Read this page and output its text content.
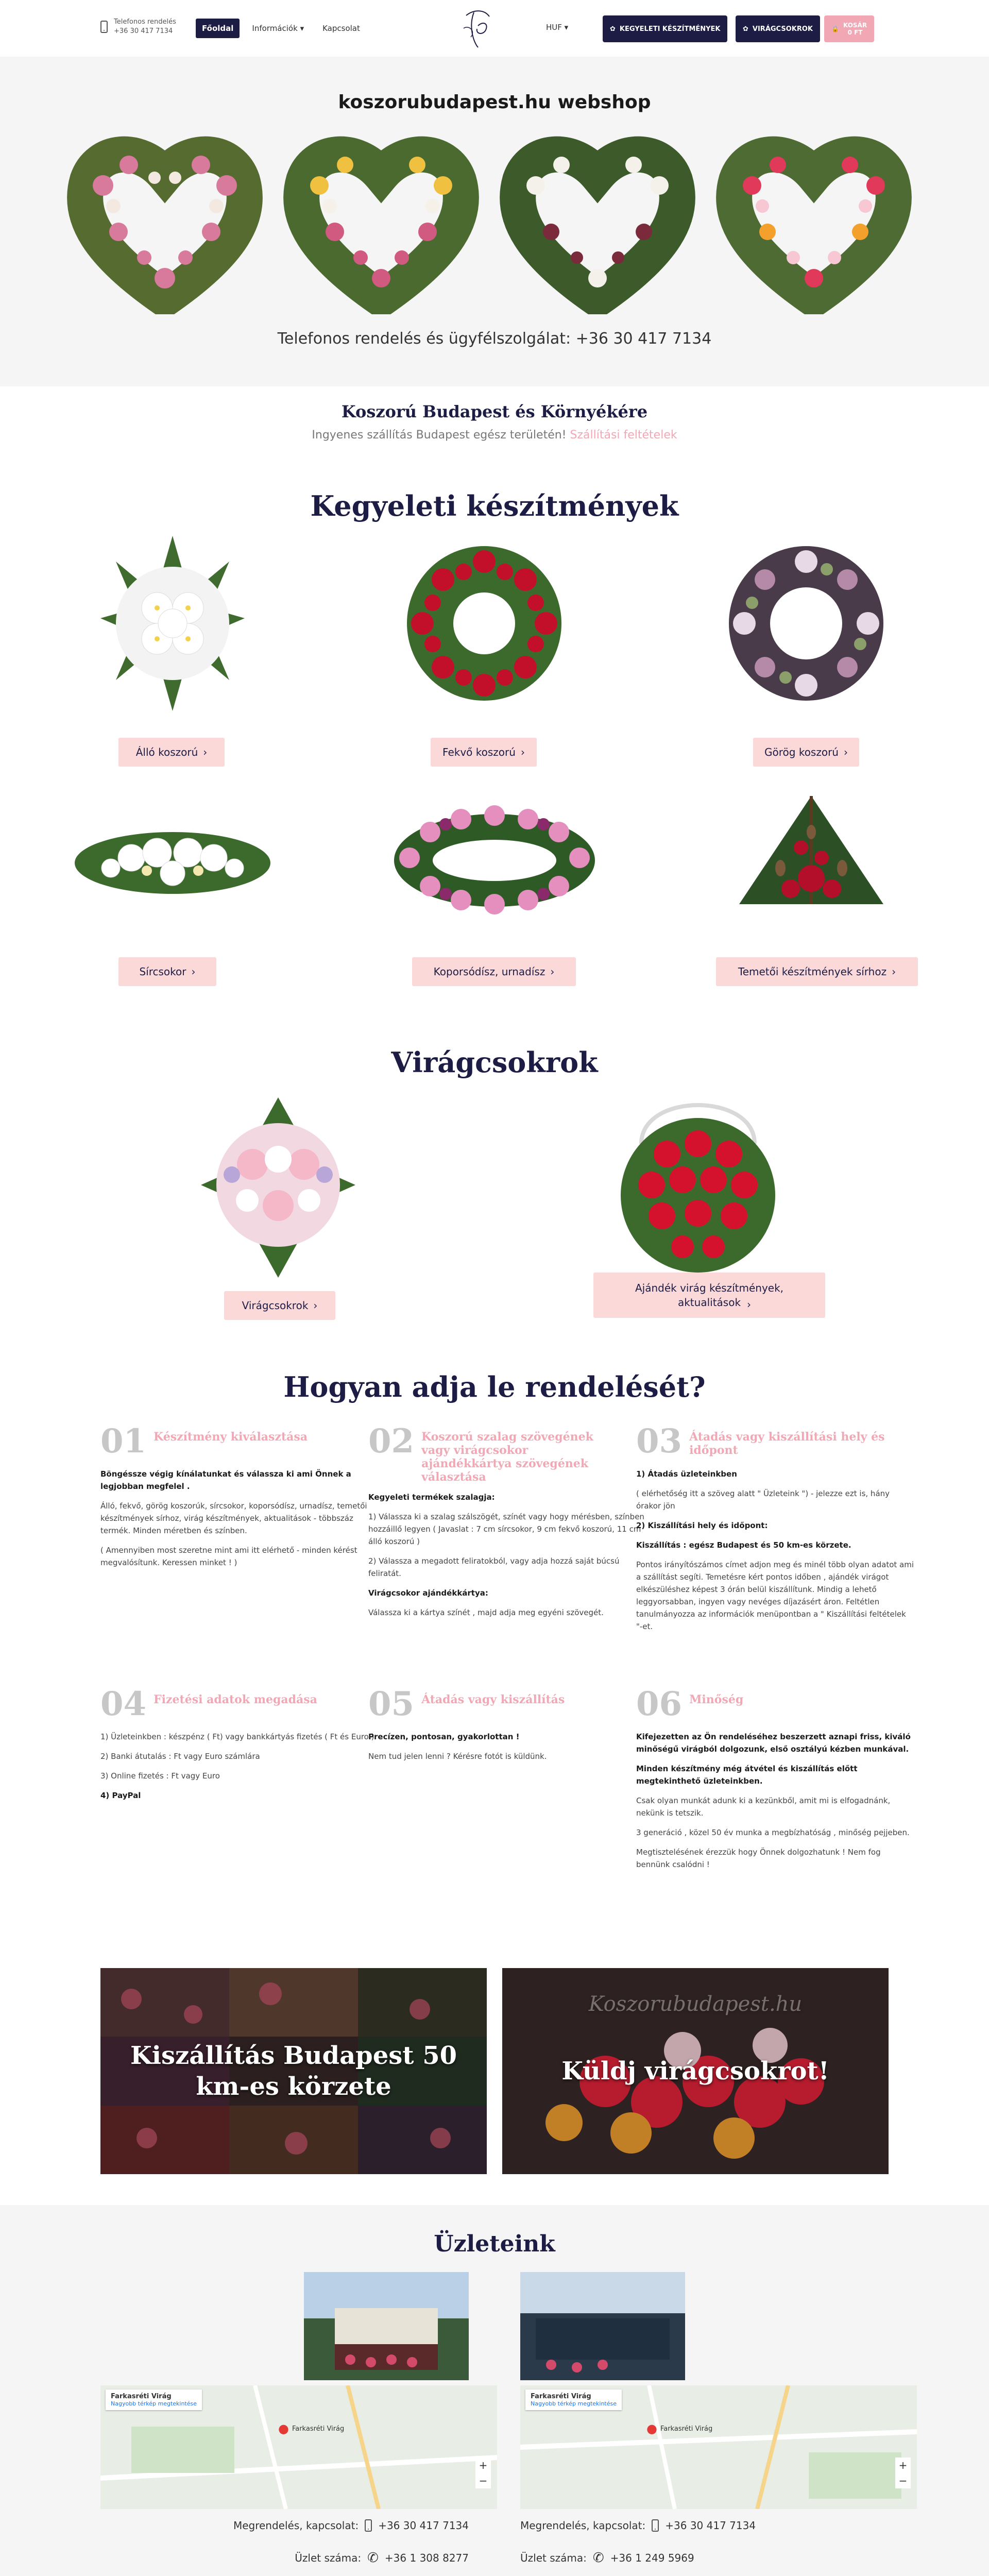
Telefonos rendelés
+36 30 417 7134	Főoldal	Információk ▾	Kapcsolat	HUF ▾	✿ KEGYELETI KÉSZÍTMÉNYEK	✿ VIRÁGCSOKROK	🔒 KOSÁR
0 FT
koszorubudapest.hu webshop
Telefonos rendelés és ügyfélszolgálat: +36 30 417 7134
Koszorú Budapest és Környékére
Ingyenes szállítás Budapest egész területén! Szállítási feltételek
Kegyeleti készítmények
Álló koszorú ›	Fekvő koszorú ›	Görög koszorú ›
Sírcsokor ›	Koporsódísz, urnadísz ›	Temetői készítmények sírhoz ›
Virágcsokrok
Virágcsokrok ›
Ajándék virág készítmények, aktualitások ›
Hogyan adja le rendelését?
01 Készítmény kiválasztása

Böngéssze végig kínálatunkat és válassza ki ami Önnek a legjobban megfelel .

Álló, fekvő, görög koszorúk, sírcsokor, koporsódísz, urnadísz, temetői készítmények sírhoz, virág készítmények, aktualitások - többszáz termék. Minden méretben és színben.

( Amennyiben most szeretne mint ami itt elérhető - minden kérést megvalósítunk. Keressen minket ! )

02 Koszorú szalag szövegének vagy virágcsokor ajándékkártya szövegének választása

Kegyeleti termékek szalagja:

1) Válassza ki a szalag szálszögét, színét vagy hogy mérésben, színben hozzáillő legyen ( Javaslat : 7 cm sírcsokor, 9 cm fekvő koszorú, 11 cm álló koszorú )

2) Válassza a megadott feliratokból, vagy adja hozzá saját búcsú feliratát.

Virágcsokor ajándékkártya:

Válassza ki a kártya színét , majd adja meg egyéni szövegét.

03 Átadás vagy kiszállítási hely és időpont

1) Átadás üzleteinkben

( elérhetőség itt a szöveg alatt " Üzleteink ") - jelezze ezt is, hány órakor jön

2) Kiszállítási hely és időpont:

Kiszállítás : egész Budapest és 50 km-es körzete.

Pontos irányítószámos címet adjon meg és minél több olyan adatot ami a szállítást segíti. Temetésre kért pontos időben , ajándék virágot elkészüléshez képest 3 órán belül kiszállítunk. Mindig a lehető leggyorsabban, ingyen vagy nevéges díjazásért áron. Feltétlen tanulmányozza az információk menüpontban a " Kiszállítási feltételek "-et.

04 Fizetési adatok megadása

1) Üzleteinkben : készpénz ( Ft) vagy bankkártyás fizetés ( Ft és Euro )

2) Banki átutalás : Ft vagy Euro számlára

3) Online fizetés : Ft vagy Euro

4) PayPal

05 Átadás vagy kiszállítás

Precízen, pontosan, gyakorlottan !

Nem tud jelen lenni ? Kérésre fotót is küldünk.

06 Minőség

Kifejezetten az Ön rendeléséhez beszerzett aznapi friss, kiváló minőségű virágból dolgozunk, első osztályú kézben munkával.

Minden készítmény még átvétel és kiszállítás előtt megtekinthető üzleteinkben.

Csak olyan munkát adunk ki a kezünkből, amit mi is elfogadnánk, nekünk is tetszik.

3 generáció , közel 50 év munka a megbízhatóság , minőség pejjeben.

Megtisztelésének érezzük hogy Önnek dolgozhatunk ! Nem fog bennünk csalódni !

Kiszállítás Budapest 50 km-es körzete
Koszorubudapest.hu
Küldj virágcsokrot!
Üzleteink
Farkasréti Virág
Nagyobb térkép megtekintése
● Farkasréti Virág
+
−
Farkasréti Virág
Nagyobb térkép megtekintése
● Farkasréti Virág
+
−
Megrendelés, kapcsolat: +36 30 417 7134
Üzlet száma: ✆ +36 1 308 8277
Megrendelés, kapcsolat: +36 30 417 7134
Üzlet száma: ✆ +36 1 249 5969
